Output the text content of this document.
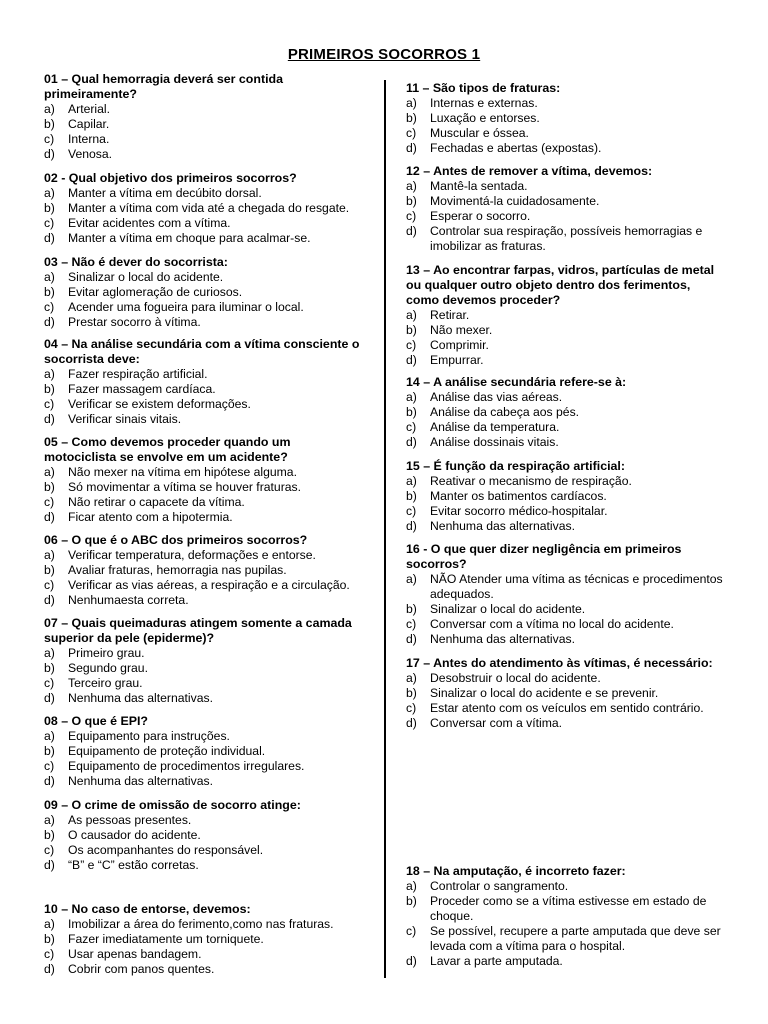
PRIMEIROS SOCORROS 1
01 – Qual hemorragia deverá ser contida primeiramente?
a)	Arterial.
b)	Capilar.
c)	Interna.
d)	Venosa.
02 - Qual objetivo dos primeiros socorros?
a)	Manter a vítima em decúbito dorsal.
b)	Manter a vítima com vida até a chegada do resgate.
c)	Evitar acidentes com a vítima.
d)	Manter a vítima em choque para acalmar-se.
03 – Não é dever do socorrista:
a)	Sinalizar o local do acidente.
b)	Evitar aglomeração de curiosos.
c)	Acender uma fogueira para iluminar o local.
d)	Prestar socorro à vítima.
04 – Na análise secundária com a vítima consciente o socorrista deve:
a)	Fazer respiração artificial.
b)	Fazer massagem cardíaca.
c)	Verificar se existem deformações.
d)	Verificar sinais vitais.
05 – Como devemos proceder quando um motociclista se envolve em um acidente?
a)	Não mexer na vítima em hipótese alguma.
b)	Só movimentar a vítima se houver fraturas.
c)	Não retirar o capacete da vítima.
d)	Ficar atento com a hipotermia.
06 – O que é o ABC dos primeiros socorros?
a)	Verificar temperatura, deformações e entorse.
b)	Avaliar fraturas, hemorragia nas pupilas.
c)	Verificar as vias aéreas, a respiração e a circulação.
d)	Nenhumaesta correta.
07 – Quais queimaduras atingem somente a camada superior da pele (epiderme)?
a)	Primeiro grau.
b)	Segundo grau.
c)	Terceiro grau.
d)	Nenhuma das alternativas.
08 – O que é EPI?
a)	Equipamento para instruções.
b)	Equipamento de proteção individual.
c)	Equipamento de procedimentos irregulares.
d)	Nenhuma das alternativas.
09 – O crime de omissão de socorro atinge:
a)	As pessoas presentes.
b)	O causador do acidente.
c)	Os acompanhantes do responsável.
d)	“B” e “C” estão corretas.
10 – No caso de entorse, devemos:
a)	Imobilizar a área do ferimento,como nas fraturas.
b)	Fazer imediatamente um torniquete.
c)	Usar apenas bandagem.
d)	Cobrir com panos quentes.
11 – São tipos de fraturas:
a)	Internas e externas.
b)	Luxação e entorses.
c)	Muscular e óssea.
d)	Fechadas e abertas (expostas).
12 – Antes de remover a vítima, devemos:
a)	Mantê-la sentada.
b)	Movimentá-la cuidadosamente.
c)	Esperar o socorro.
d)	Controlar sua respiração, possíveis hemorragias e imobilizar as fraturas.
13 – Ao encontrar farpas, vidros, partículas de metal ou qualquer outro objeto dentro dos ferimentos, como devemos proceder?
a)	Retirar.
b)	Não mexer.
c)	Comprimir.
d)	Empurrar.
14 – A análise secundária refere-se à:
a)	Análise das vias aéreas.
b)	Análise da cabeça aos pés.
c)	Análise da temperatura.
d)	Análise dossinais vitais.
15 – É função da respiração artificial:
a)	Reativar o mecanismo de respiração.
b)	Manter os batimentos cardíacos.
c)	Evitar socorro médico-hospitalar.
d)	Nenhuma das alternativas.
16 - O que quer dizer negligência em primeiros socorros?
a)	NÃO Atender uma vítima as técnicas e procedimentos adequados.
b)	Sinalizar o local do acidente.
c)	Conversar com a vítima no local do acidente.
d)	Nenhuma das alternativas.
17 – Antes do atendimento às vítimas, é necessário:
a)	Desobstruir o local do acidente.
b)	Sinalizar o local do acidente e se prevenir.
c)	Estar atento com os veículos em sentido contrário.
d)	Conversar com a vítima.
18 – Na amputação, é incorreto fazer:
a)	Controlar o sangramento.
b)	Proceder como se a vítima estivesse em estado de choque.
c)	Se possível, recupere a parte amputada que deve ser levada com a vítima para o hospital.
d)	Lavar a parte amputada.
